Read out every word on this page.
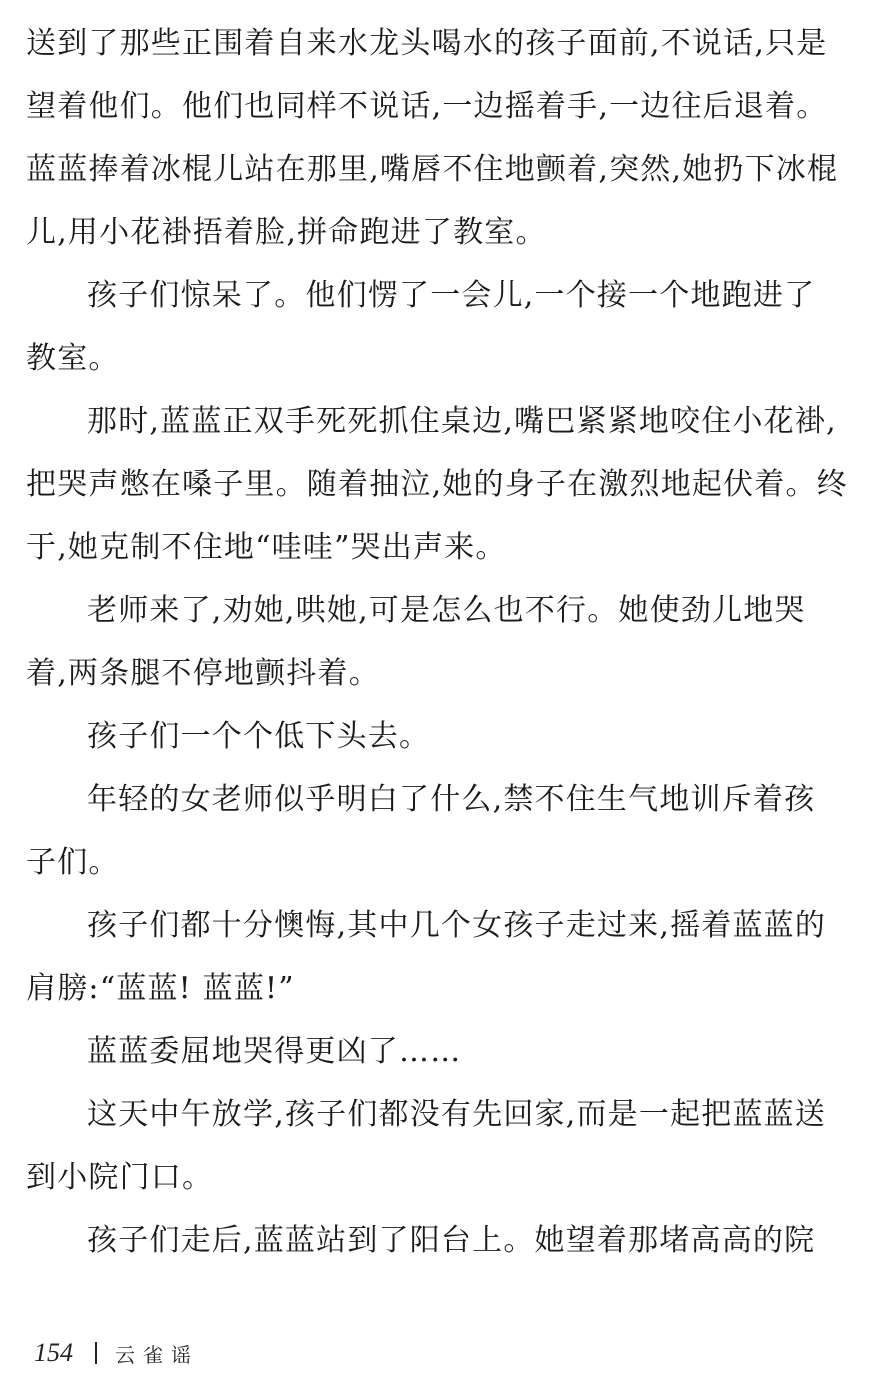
送到了那些正围着自来水龙头喝水的孩子面前,不说话,只是
望着他们。他们也同样不说话,一边摇着手,一边往后退着。
蓝蓝捧着冰棍儿站在那里,嘴唇不住地颤着,突然,她扔下冰棍
儿,用小花褂捂着脸,拼命跑进了教室。
孩子们惊呆了。他们愣了一会儿,一个接一个地跑进了
教室。
那时,蓝蓝正双手死死抓住桌边,嘴巴紧紧地咬住小花褂,
把哭声憋在嗓子里。随着抽泣,她的身子在激烈地起伏着。终
于,她克制不住地“哇哇”哭出声来。
老师来了,劝她,哄她,可是怎么也不行。她使劲儿地哭
着,两条腿不停地颤抖着。
孩子们一个个低下头去。
年轻的女老师似乎明白了什么,禁不住生气地训斥着孩
子们。
孩子们都十分懊悔,其中几个女孩子走过来,摇着蓝蓝的
肩膀:“蓝蓝! 蓝蓝!”
蓝蓝委屈地哭得更凶了……
这天中午放学,孩子们都没有先回家,而是一起把蓝蓝送
到小院门口。
孩子们走后,蓝蓝站到了阳台上。她望着那堵高高的院
154 云雀谣
